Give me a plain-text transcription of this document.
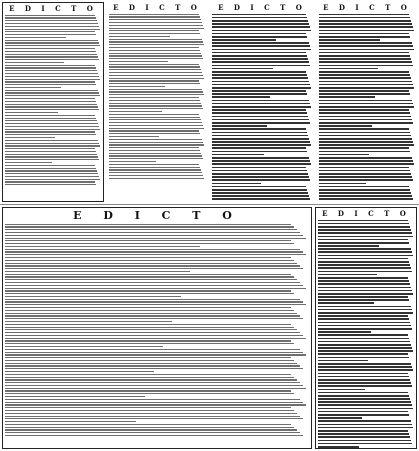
E D I C T O	E D I C T O	E D I C T O	E D I C T O
E D I C T O	E D I C T O
